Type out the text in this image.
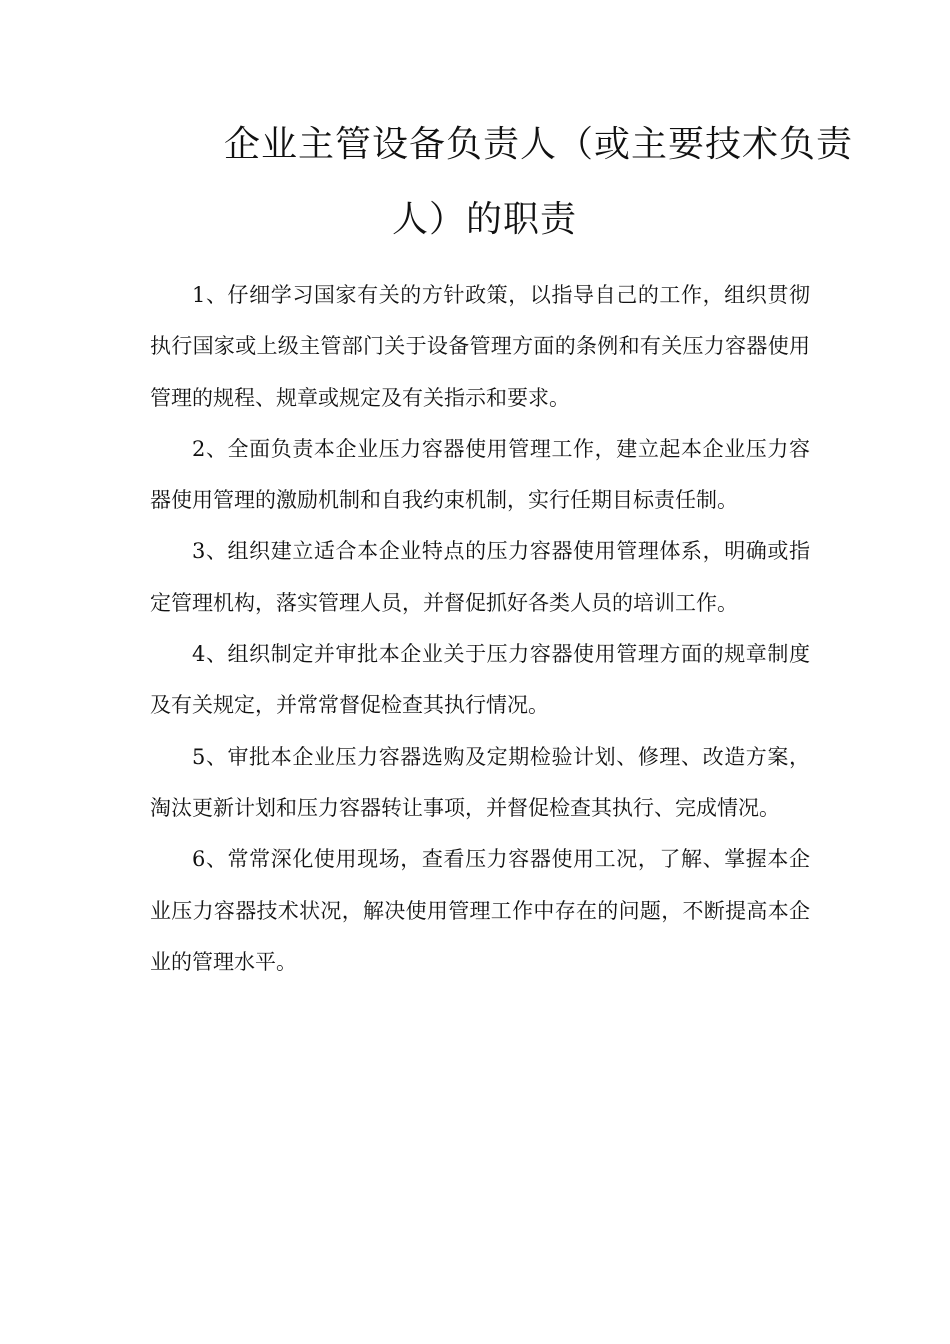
企业主管设备负责人（或主要技术负责
人）的职责

1、仔细学习国家有关的方针政策，以指导自己的工作，组织贯彻执行国家或上级主管部门关于设备管理方面的条例和有关压力容器使用管理的规程、规章或规定及有关指示和要求。

2、全面负责本企业压力容器使用管理工作，建立起本企业压力容器使用管理的激励机制和自我约束机制，实行任期目标责任制。

3、组织建立适合本企业特点的压力容器使用管理体系，明确或指定管理机构，落实管理人员，并督促抓好各类人员的培训工作。

4、组织制定并审批本企业关于压力容器使用管理方面的规章制度及有关规定，并常常督促检查其执行情况。

5、审批本企业压力容器选购及定期检验计划、修理、改造方案，淘汰更新计划和压力容器转让事项，并督促检查其执行、完成情况。

6、常常深化使用现场，查看压力容器使用工况，了解、掌握本企业压力容器技术状况，解决使用管理工作中存在的问题，不断提高本企业的管理水平。
